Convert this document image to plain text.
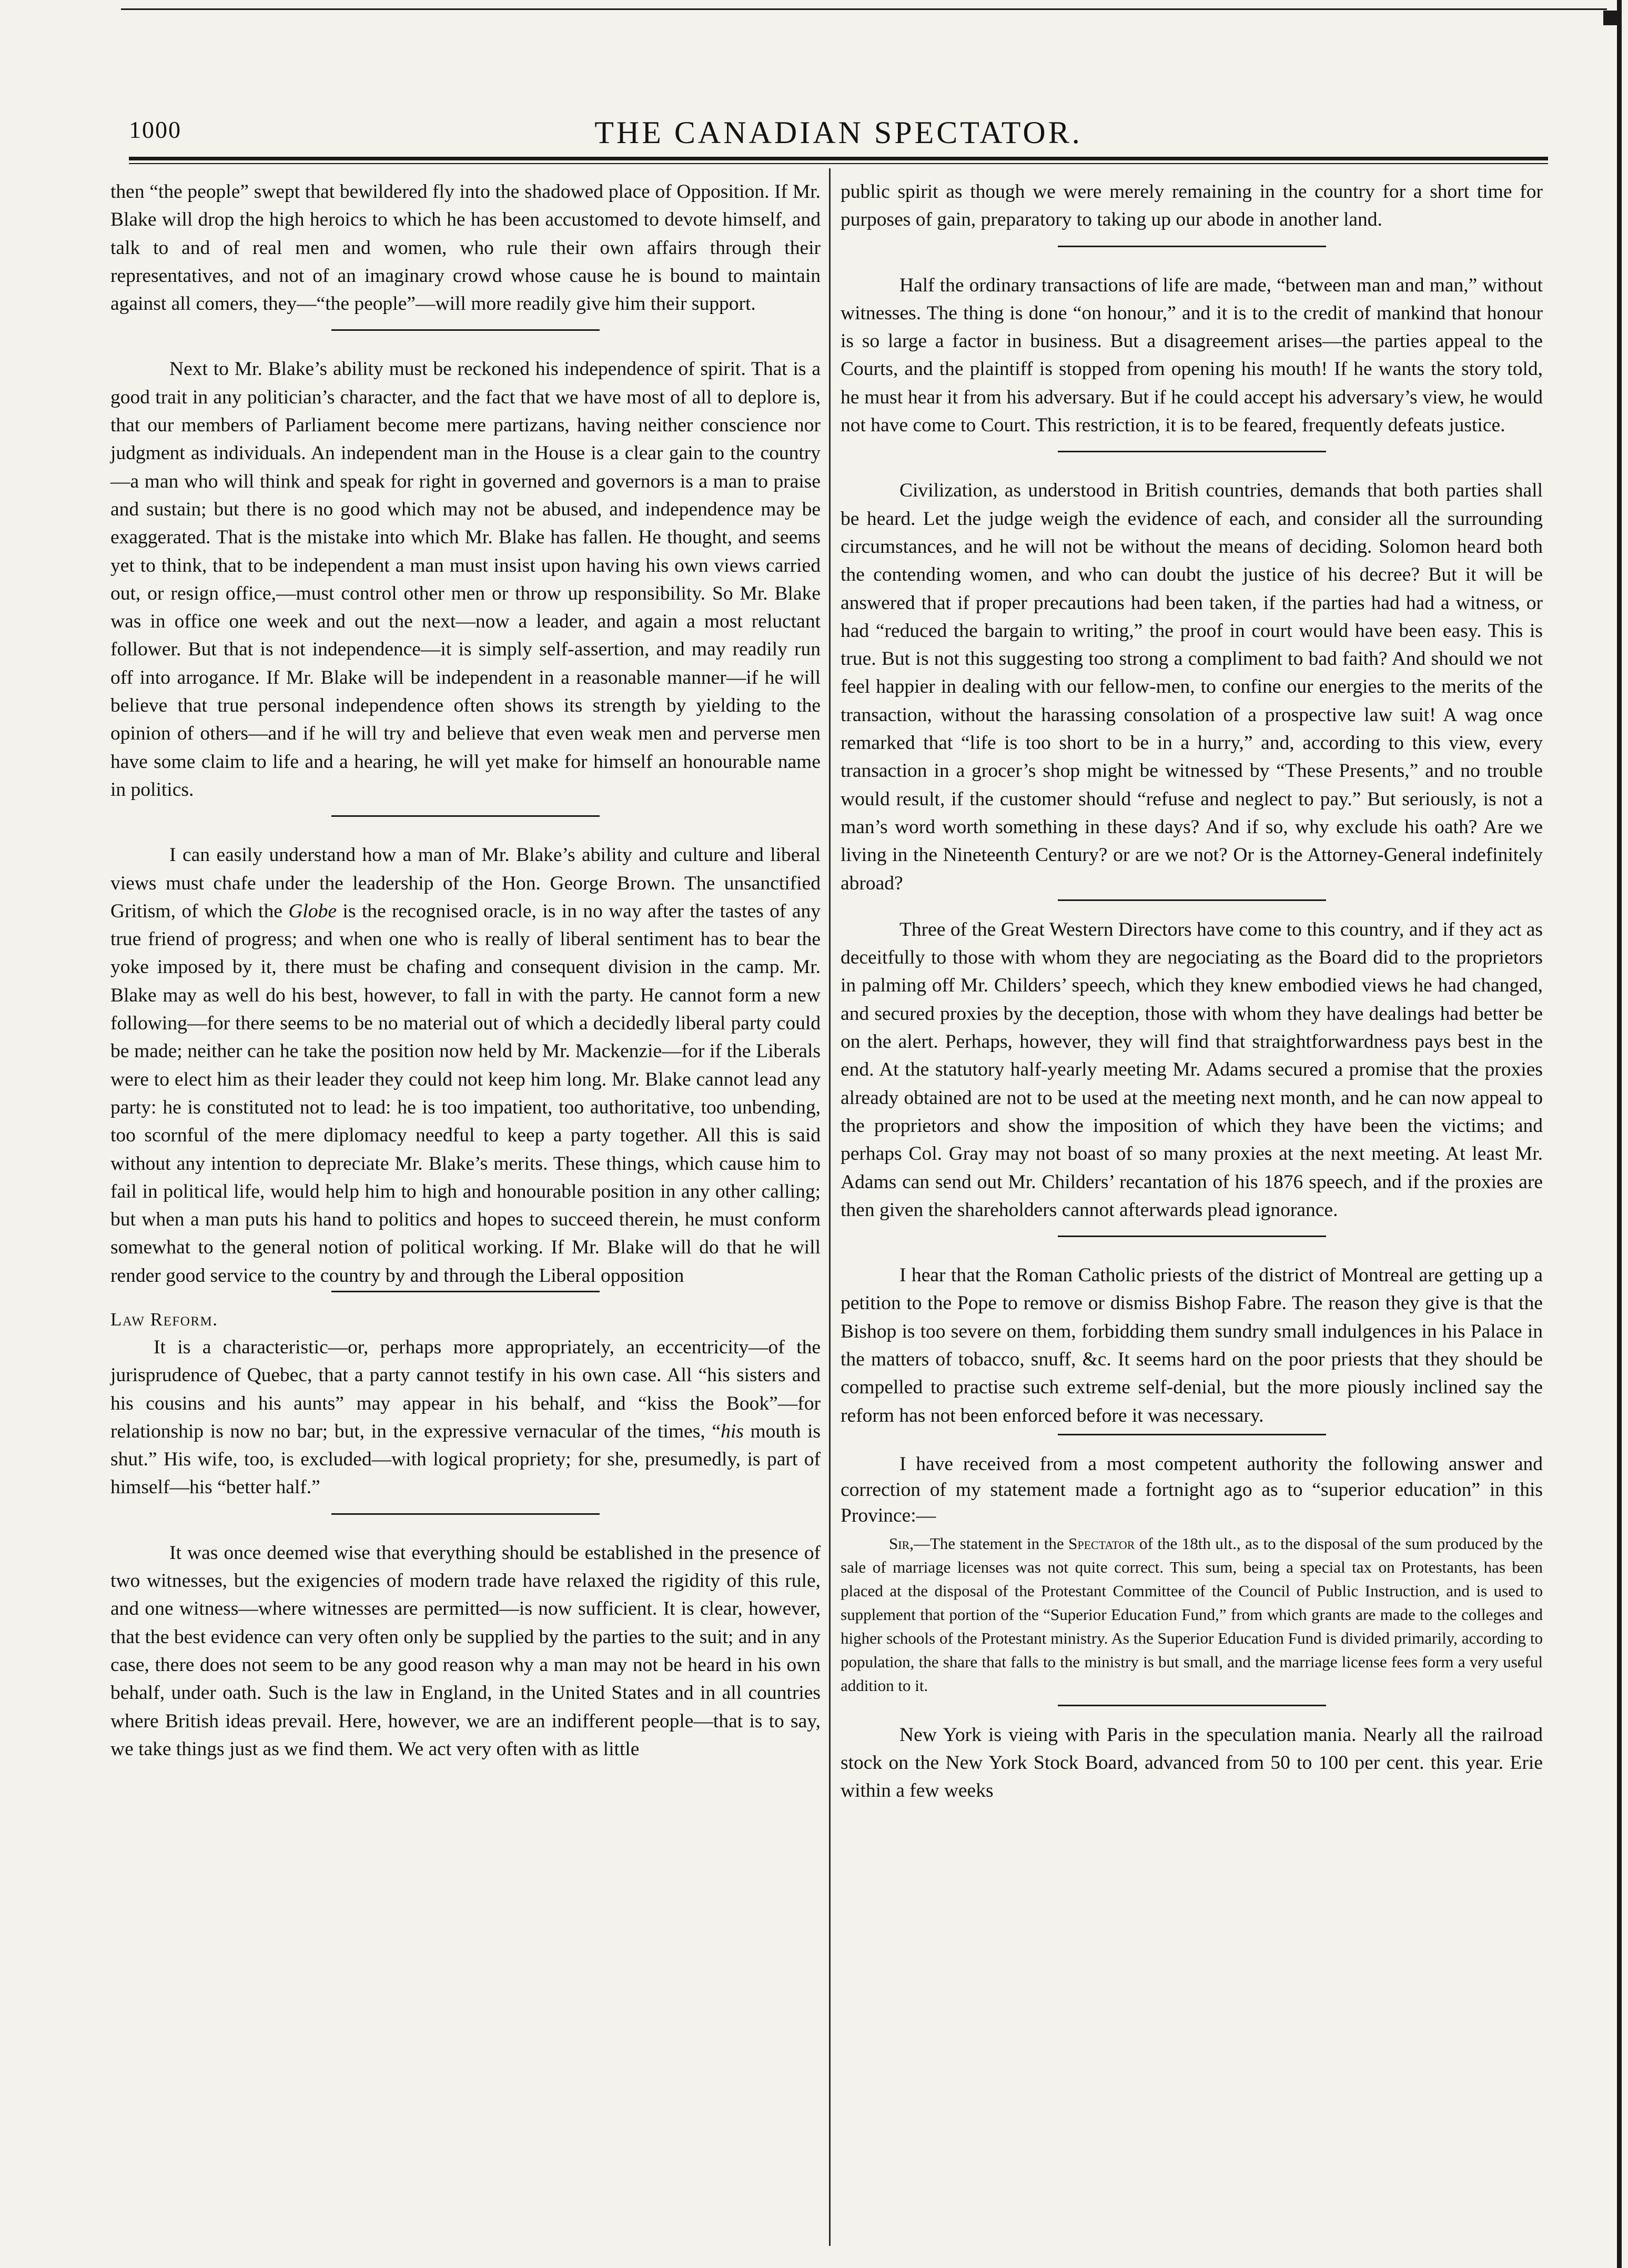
1000	THE CANADIAN SPECTATOR.

then “the people” swept that bewildered fly into the shadowed place of Opposition. If Mr. Blake will drop the high heroics to which he has been accustomed to devote himself, and talk to and of real men and women, who rule their own affairs through their representatives, and not of an imaginary crowd whose cause he is bound to maintain against all comers, they—“the people”—will more readily give him their support.

Next to Mr. Blake’s ability must be reckoned his independence of spirit. That is a good trait in any politician’s character, and the fact that we have most of all to deplore is, that our members of Parliament become mere partizans, having neither conscience nor judgment as individuals. An independent man in the House is a clear gain to the country—a man who will think and speak for right in governed and governors is a man to praise and sustain; but there is no good which may not be abused, and independence may be exaggerated. That is the mistake into which Mr. Blake has fallen. He thought, and seems yet to think, that to be independent a man must insist upon having his own views carried out, or resign office,—must control other men or throw up responsibility. So Mr. Blake was in office one week and out the next—now a leader, and again a most reluctant follower. But that is not independence—it is simply self-assertion, and may readily run off into arrogance. If Mr. Blake will be independent in a reasonable manner—if he will believe that true personal independence often shows its strength by yielding to the opinion of others—and if he will try and believe that even weak men and perverse men have some claim to life and a hearing, he will yet make for himself an honourable name in politics.

I can easily understand how a man of Mr. Blake’s ability and culture and liberal views must chafe under the leadership of the Hon. George Brown. The unsanctified Gritism, of which the Globe is the recognised oracle, is in no way after the tastes of any true friend of progress; and when one who is really of liberal sentiment has to bear the yoke imposed by it, there must be chafing and consequent division in the camp. Mr. Blake may as well do his best, however, to fall in with the party. He cannot form a new following—for there seems to be no material out of which a decidedly liberal party could be made; neither can he take the position now held by Mr. Mackenzie—for if the Liberals were to elect him as their leader they could not keep him long. Mr. Blake cannot lead any party: he is constituted not to lead: he is too impatient, too authoritative, too unbending, too scornful of the mere diplomacy needful to keep a party together. All this is said without any intention to depreciate Mr. Blake’s merits. These things, which cause him to fail in political life, would help him to high and honourable position in any other calling; but when a man puts his hand to politics and hopes to succeed therein, he must conform somewhat to the general notion of political working. If Mr. Blake will do that he will render good service to the country by and through the Liberal opposition

Law Reform.

It is a characteristic—or, perhaps more appropriately, an eccentricity—of the jurisprudence of Quebec, that a party cannot testify in his own case. All “his sisters and his cousins and his aunts” may appear in his behalf, and “kiss the Book”—for relationship is now no bar; but, in the expressive vernacular of the times, “his mouth is shut.” His wife, too, is excluded—with logical propriety; for she, presumedly, is part of himself—his “better half.”

It was once deemed wise that everything should be established in the presence of two witnesses, but the exigencies of modern trade have relaxed the rigidity of this rule, and one witness—where witnesses are permitted—is now sufficient. It is clear, however, that the best evidence can very often only be supplied by the parties to the suit; and in any case, there does not seem to be any good reason why a man may not be heard in his own behalf, under oath. Such is the law in England, in the United States and in all countries where British ideas prevail. Here, however, we are an indifferent people—that is to say, we take things just as we find them. We act very often with as little

public spirit as though we were merely remaining in the country for a short time for purposes of gain, preparatory to taking up our abode in another land.

Half the ordinary transactions of life are made, “between man and man,” without witnesses. The thing is done “on honour,” and it is to the credit of mankind that honour is so large a factor in business. But a disagreement arises—the parties appeal to the Courts, and the plaintiff is stopped from opening his mouth! If he wants the story told, he must hear it from his adversary. But if he could accept his adversary’s view, he would not have come to Court. This restriction, it is to be feared, frequently defeats justice.

Civilization, as understood in British countries, demands that both parties shall be heard. Let the judge weigh the evidence of each, and consider all the surrounding circumstances, and he will not be without the means of deciding. Solomon heard both the contending women, and who can doubt the justice of his decree? But it will be answered that if proper precautions had been taken, if the parties had had a witness, or had “reduced the bargain to writing,” the proof in court would have been easy. This is true. But is not this suggesting too strong a compliment to bad faith? And should we not feel happier in dealing with our fellow-men, to confine our energies to the merits of the transaction, without the harassing consolation of a prospective law suit! A wag once remarked that “life is too short to be in a hurry,” and, according to this view, every transaction in a grocer’s shop might be witnessed by “These Presents,” and no trouble would result, if the customer should “refuse and neglect to pay.” But seriously, is not a man’s word worth something in these days? And if so, why exclude his oath? Are we living in the Nineteenth Century? or are we not? Or is the Attorney-General indefinitely abroad?

Three of the Great Western Directors have come to this country, and if they act as deceitfully to those with whom they are negociating as the Board did to the proprietors in palming off Mr. Childers’ speech, which they knew embodied views he had changed, and secured proxies by the deception, those with whom they have dealings had better be on the alert. Perhaps, however, they will find that straightforwardness pays best in the end. At the statutory half-yearly meeting Mr. Adams secured a promise that the proxies already obtained are not to be used at the meeting next month, and he can now appeal to the proprietors and show the imposition of which they have been the victims; and perhaps Col. Gray may not boast of so many proxies at the next meeting. At least Mr. Adams can send out Mr. Childers’ recantation of his 1876 speech, and if the proxies are then given the shareholders cannot afterwards plead ignorance.

I hear that the Roman Catholic priests of the district of Montreal are getting up a petition to the Pope to remove or dismiss Bishop Fabre. The reason they give is that the Bishop is too severe on them, forbidding them sundry small indulgences in his Palace in the matters of tobacco, snuff, &c. It seems hard on the poor priests that they should be compelled to practise such extreme self-denial, but the more piously inclined say the reform has not been enforced before it was necessary.

I have received from a most competent authority the following answer and correction of my statement made a fortnight ago as to “superior education” in this Province:—

Sir,—The statement in the Spectator of the 18th ult., as to the disposal of the sum produced by the sale of marriage licenses was not quite correct. This sum, being a special tax on Protestants, has been placed at the disposal of the Protestant Committee of the Council of Public Instruction, and is used to supplement that portion of the “Superior Education Fund,” from which grants are made to the colleges and higher schools of the Protestant ministry. As the Superior Education Fund is divided primarily, according to population, the share that falls to the ministry is but small, and the marriage license fees form a very useful addition to it.

New York is vieing with Paris in the speculation mania. Nearly all the railroad stock on the New York Stock Board, advanced from 50 to 100 per cent. this year. Erie within a few weeks
